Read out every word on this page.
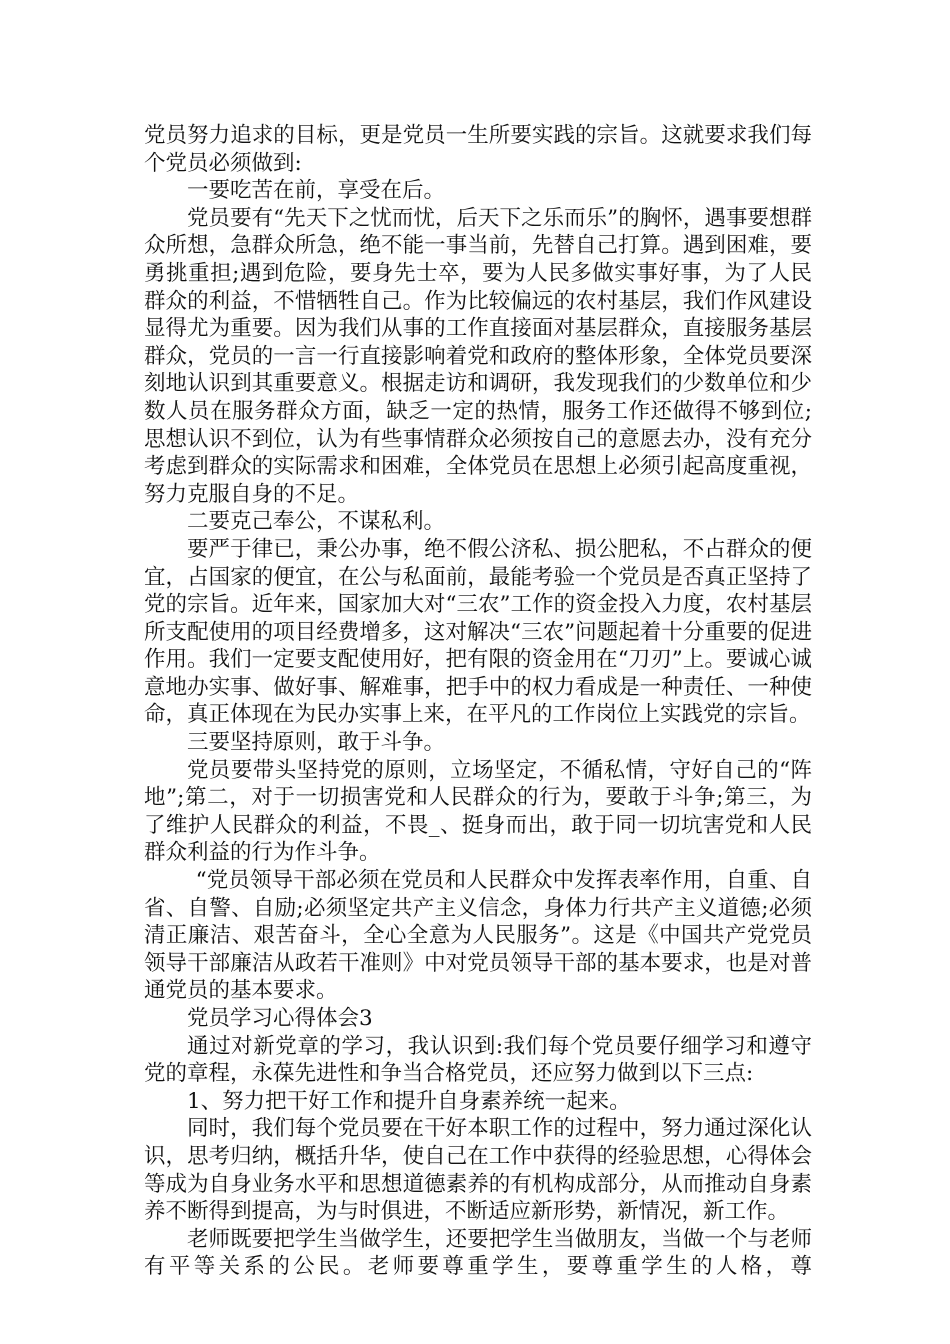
党员努力追求的目标，更是党员一生所要实践的宗旨。这就要求我们每个党员必须做到:

一要吃苦在前，享受在后。

党员要有“先天下之忧而忧，后天下之乐而乐”的胸怀，遇事要想群众所想，急群众所急，绝不能一事当前，先替自己打算。遇到困难，要勇挑重担;遇到危险，要身先士卒，要为人民多做实事好事，为了人民群众的利益，不惜牺牲自己。作为比较偏远的农村基层，我们作风建设显得尤为重要。因为我们从事的工作直接面对基层群众，直接服务基层群众，党员的一言一行直接影响着党和政府的整体形象，全体党员要深刻地认识到其重要意义。根据走访和调研，我发现我们的少数单位和少数人员在服务群众方面，缺乏一定的热情，服务工作还做得不够到位;思想认识不到位，认为有些事情群众必须按自己的意愿去办，没有充分考虑到群众的实际需求和困难，全体党员在思想上必须引起高度重视，努力克服自身的不足。

二要克己奉公，不谋私利。

要严于律已，秉公办事，绝不假公济私、损公肥私，不占群众的便宜，占国家的便宜，在公与私面前，最能考验一个党员是否真正坚持了党的宗旨。近年来，国家加大对“三农”工作的资金投入力度，农村基层所支配使用的项目经费增多，这对解决“三农”问题起着十分重要的促进作用。我们一定要支配使用好，把有限的资金用在“刀刃”上。要诚心诚意地办实事、做好事、解难事，把手中的权力看成是一种责任、一种使命，真正体现在为民办实事上来，在平凡的工作岗位上实践党的宗旨。

三要坚持原则，敢于斗争。

党员要带头坚持党的原则，立场坚定，不循私情，守好自己的“阵地”;第二，对于一切损害党和人民群众的行为，要敢于斗争;第三，为了维护人民群众的利益，不畏_、挺身而出，敢于同一切坑害党和人民群众利益的行为作斗争。

“党员领导干部必须在党员和人民群众中发挥表率作用，自重、自省、自警、自励;必须坚定共产主义信念，身体力行共产主义道德;必须清正廉洁、艰苦奋斗，全心全意为人民服务”。这是《中国共产党党员领导干部廉洁从政若干准则》中对党员领导干部的基本要求，也是对普通党员的基本要求。

党员学习心得体会3

通过对新党章的学习，我认识到:我们每个党员要仔细学习和遵守党的章程，永葆先进性和争当合格党员，还应努力做到以下三点:

1、努力把干好工作和提升自身素养统一起来。

同时，我们每个党员要在干好本职工作的过程中，努力通过深化认识，思考归纳，概括升华，使自己在工作中获得的经验思想，心得体会等成为自身业务水平和思想道德素养的有机构成部分，从而推动自身素养不断得到提高，为与时俱进，不断适应新形势，新情况，新工作。

老师既要把学生当做学生，还要把学生当做朋友，当做一个与老师有平等关系的公民。老师要尊重学生，要尊重学生的人格，尊
